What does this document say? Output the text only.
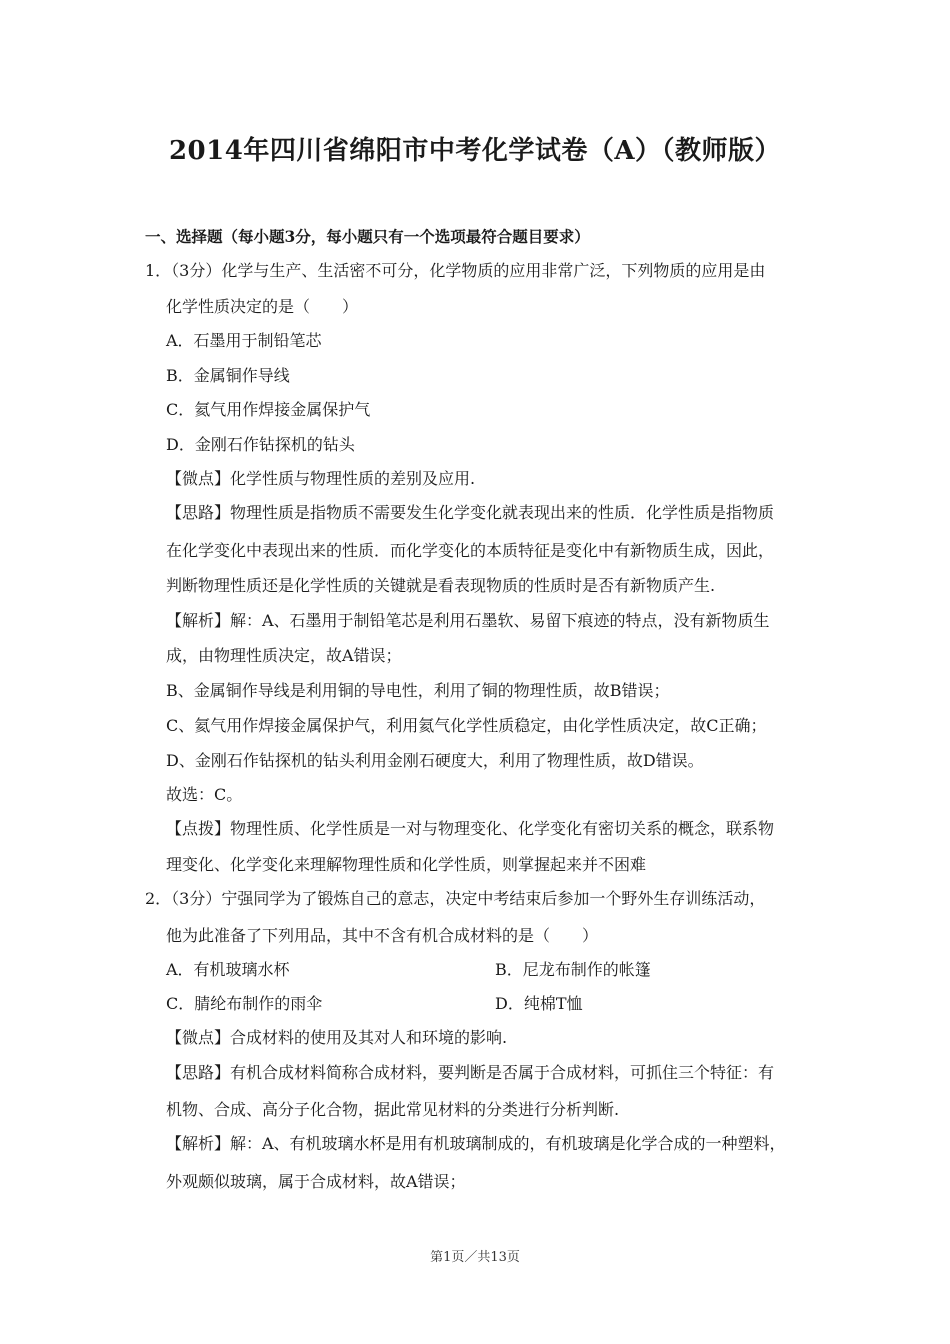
2014年四川省绵阳市中考化学试卷（A）（教师版）
一、选择题（每小题3分，每小题只有一个选项最符合题目要求）
1．（3分）化学与生产、生活密不可分，化学物质的应用非常广泛，下列物质的应用是由
化学性质决定的是（　　）
A．石墨用于制铅笔芯
B．金属铜作导线
C．氦气用作焊接金属保护气
D．金刚石作钻探机的钻头
【微点】化学性质与物理性质的差别及应用.
【思路】物理性质是指物质不需要发生化学变化就表现出来的性质．化学性质是指物质
在化学变化中表现出来的性质．而化学变化的本质特征是变化中有新物质生成，因此，
判断物理性质还是化学性质的关键就是看表现物质的性质时是否有新物质产生.
【解析】解：A、石墨用于制铅笔芯是利用石墨软、易留下痕迹的特点，没有新物质生
成，由物理性质决定，故A错误；
B、金属铜作导线是利用铜的导电性，利用了铜的物理性质，故B错误；
C、氦气用作焊接金属保护气，利用氦气化学性质稳定，由化学性质决定，故C正确；
D、金刚石作钻探机的钻头利用金刚石硬度大，利用了物理性质，故D错误。
故选：C。
【点拨】物理性质、化学性质是一对与物理变化、化学变化有密切关系的概念，联系物
理变化、化学变化来理解物理性质和化学性质，则掌握起来并不困难
2．（3分）宁强同学为了锻炼自己的意志，决定中考结束后参加一个野外生存训练活动，
他为此准备了下列用品，其中不含有机合成材料的是（　　）
A．有机玻璃水杯	B．尼龙布制作的帐篷
C．腈纶布制作的雨伞	D．纯棉T恤
【微点】合成材料的使用及其对人和环境的影响.
【思路】有机合成材料简称合成材料，要判断是否属于合成材料，可抓住三个特征：有
机物、合成、高分子化合物，据此常见材料的分类进行分析判断.
【解析】解：A、有机玻璃水杯是用有机玻璃制成的，有机玻璃是化学合成的一种塑料，
外观颇似玻璃，属于合成材料，故A错误；
第1页／共13页
